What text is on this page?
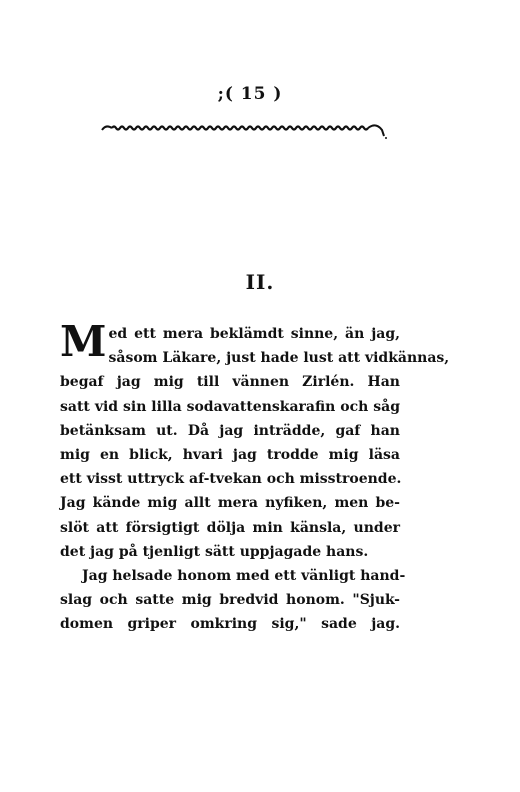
;( 15 )
II.
M ed ett mera beklämdt sinne, än jag,
såsom Läkare, just hade lust att vidkännas,
begaf jag mig till vännen Zirlén. Han
satt vid sin lilla sodavattenskarafin och såg
betänksam ut. Då jag inträdde, gaf han
mig en blick, hvari jag trodde mig läsa
ett visst uttryck af-tvekan och misstroende.
Jag kände mig allt mera nyfiken, men be-
slöt att försigtigt dölja min känsla, under
det jag på tjenligt sätt uppjagade hans.
Jag helsade honom med ett vänligt hand-
slag och satte mig bredvid honom. "Sjuk-
domen griper omkring sig," sade jag.
